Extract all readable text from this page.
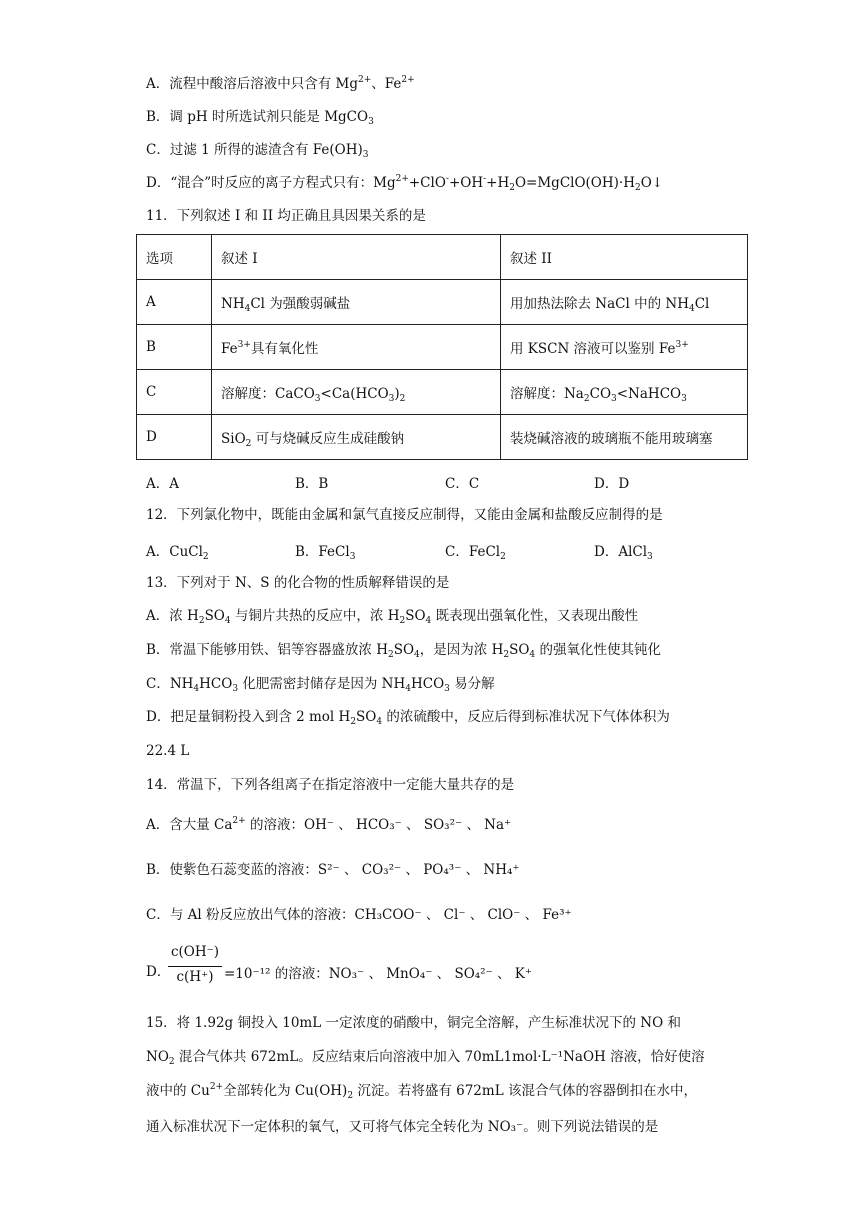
A．流程中酸溶后溶液中只含有 $Mg^{2+}$、$Fe^{2+}$
B．调 pH 时所选试剂只能是 MgCO$_3$
C．过滤 1 所得的滤渣含有 $Fe(OH)_3$
D．“混合”时反应的离子方程式只有：$Mg^{2+}+ClO^-+OH^-+H_2O=MgClO(OH)\cdot H_2O↓$
11．下列叙述 I 和 II 均正确且具因果关系的是
选项	叙述 I	叙述 II
A	$NH_4Cl$ 为强酸弱碱盐	用加热法除去 NaCl 中的 $NH_4Cl$
B	$Fe^{3+}$具有氧化性	用 KSCN 溶液可以鉴别 $Fe^{3+}$
C	溶解度：$CaCO_3<Ca(HCO_3)_2$	溶解度：$Na_2CO_3<NaHCO_3$
D	SiO$_2$ 可与烧碱反应生成硅酸钠	装烧碱溶液的玻璃瓶不能用玻璃塞
A．A	B．B	C．C	D．D
12．下列氯化物中，既能由金属和氯气直接反应制得，又能由金属和盐酸反应制得的是
A．CuCl$_2$	B．FeCl$_3$	C．FeCl$_2$	D．AlCl$_3$
13．下列对于 N、S 的化合物的性质解释错误的是
A．浓 $H_2SO_4$ 与铜片共热的反应中，浓 $H_2SO_4$ 既表现出强氧化性，又表现出酸性
B．常温下能够用铁、铝等容器盛放浓 $H_2SO_4$，是因为浓 $H_2SO_4$ 的强氧化性使其钝化
C．$NH_4HCO_3$ 化肥需密封储存是因为 $NH_4HCO_3$ 易分解
D．把足量铜粉投入到含 2 mol $H_2SO_4$ 的浓硫酸中，反应后得到标准状况下气体体积为
22.4 L
14．常温下，下列各组离子在指定溶液中一定能大量共存的是
A．含大量 $Ca^{2+}$ 的溶液：OH⁻ 、 HCO₃⁻ 、 SO₃²⁻ 、 Na⁺
B．使紫色石蕊变蓝的溶液：S²⁻ 、 CO₃²⁻ 、 PO₄³⁻ 、 NH₄⁺
C．与 Al 粉反应放出气体的溶液：CH₃COO⁻ 、 Cl⁻ 、 ClO⁻ 、 Fe³⁺
D．
c(OH⁻)
c(H⁺) =10⁻¹² 的溶液：NO₃⁻ 、 MnO₄⁻ 、 SO₄²⁻ 、 K⁺
15．将 1.92g 铜投入 10mL 一定浓度的硝酸中，铜完全溶解，产生标准状况下的 NO 和
$NO_2$ 混合气体共 672mL。反应结束后向溶液中加入 70mL1mol·L⁻¹NaOH 溶液，恰好使溶
液中的 $Cu^{2+}$全部转化为 $Cu(OH)_2$ 沉淀。若将盛有 672mL 该混合气体的容器倒扣在水中，
通入标准状况下一定体积的氧气，又可将气体完全转化为 NO₃⁻。则下列说法错误的是
